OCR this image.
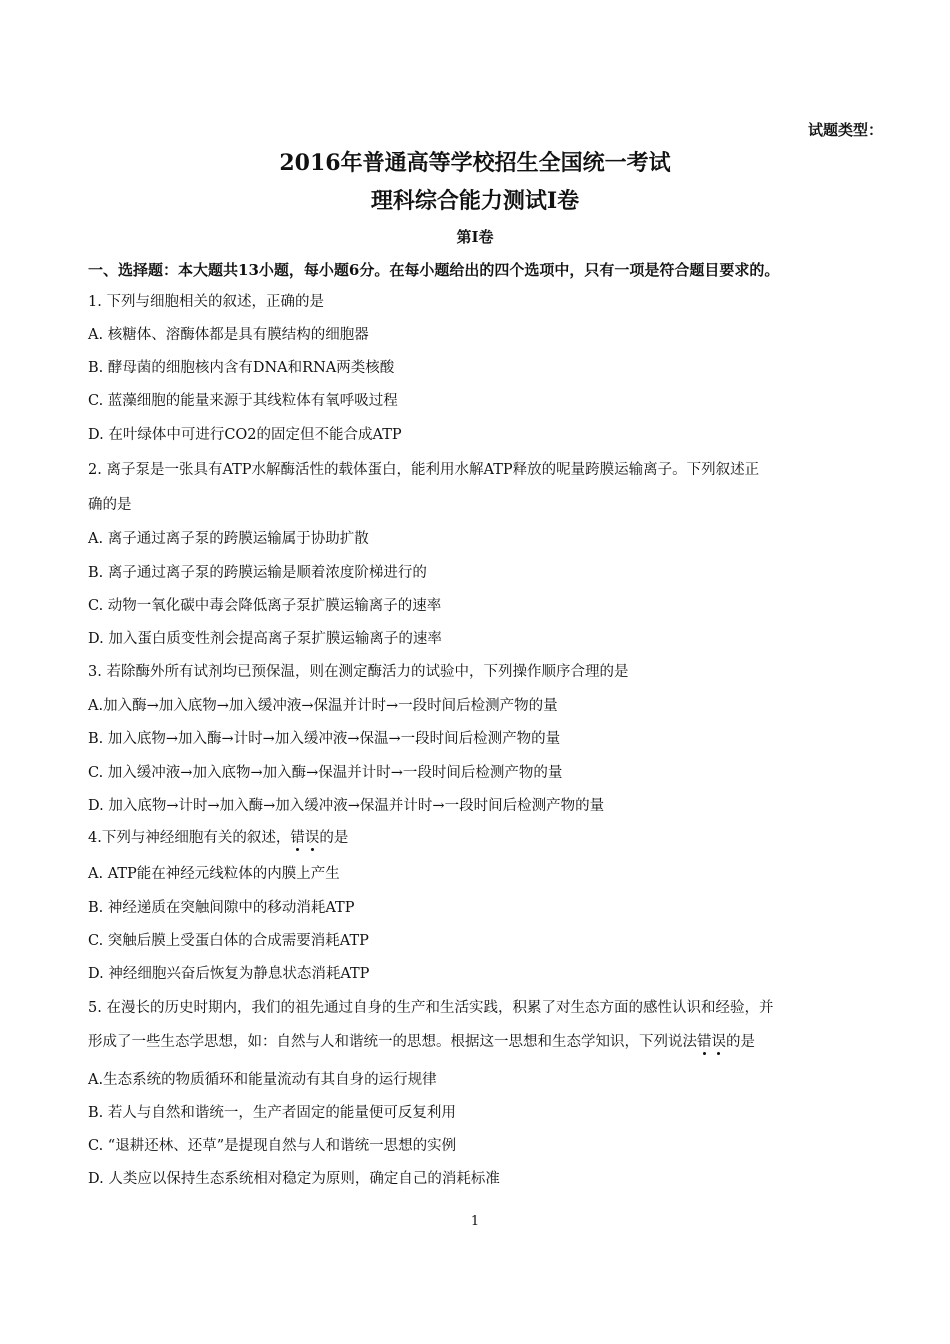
试题类型：
2016年普通高等学校招生全国统一考试
理科综合能力测试Ⅰ卷
第Ⅰ卷
一、选择题：本大题共13小题，每小题6分。在每小题给出的四个选项中，只有一项是符合题目要求的。
1. 下列与细胞相关的叙述，正确的是
A. 核糖体、溶酶体都是具有膜结构的细胞器
B. 酵母菌的细胞核内含有DNA和RNA两类核酸
C. 蓝藻细胞的能量来源于其线粒体有氧呼吸过程
D. 在叶绿体中可进行CO2的固定但不能合成ATP
2. 离子泵是一张具有ATP水解酶活性的载体蛋白，能利用水解ATP释放的呢量跨膜运输离子。下列叙述正
确的是
A. 离子通过离子泵的跨膜运输属于协助扩散
B. 离子通过离子泵的跨膜运输是顺着浓度阶梯进行的
C. 动物一氧化碳中毒会降低离子泵扩膜运输离子的速率
D. 加入蛋白质变性剂会提高离子泵扩膜运输离子的速率
3. 若除酶外所有试剂均已预保温，则在测定酶活力的试验中，下列操作顺序合理的是
A.加入酶→加入底物→加入缓冲液→保温并计时→一段时间后检测产物的量
B. 加入底物→加入酶→计时→加入缓冲液→保温→一段时间后检测产物的量
C. 加入缓冲液→加入底物→加入酶→保温并计时→一段时间后检测产物的量
D. 加入底物→计时→加入酶→加入缓冲液→保温并计时→一段时间后检测产物的量
4.下列与神经细胞有关的叙述，错误的是
A. ATP能在神经元线粒体的内膜上产生
B. 神经递质在突触间隙中的移动消耗ATP
C. 突触后膜上受蛋白体的合成需要消耗ATP
D. 神经细胞兴奋后恢复为静息状态消耗ATP
5. 在漫长的历史时期内，我们的祖先通过自身的生产和生活实践，积累了对生态方面的感性认识和经验，并
形成了一些生态学思想，如：自然与人和谐统一的思想。根据这一思想和生态学知识，下列说法错误的是
A.生态系统的物质循环和能量流动有其自身的运行规律
B. 若人与自然和谐统一，生产者固定的能量便可反复利用
C. “退耕还林、还草”是提现自然与人和谐统一思想的实例
D. 人类应以保持生态系统相对稳定为原则，确定自己的消耗标准
1
